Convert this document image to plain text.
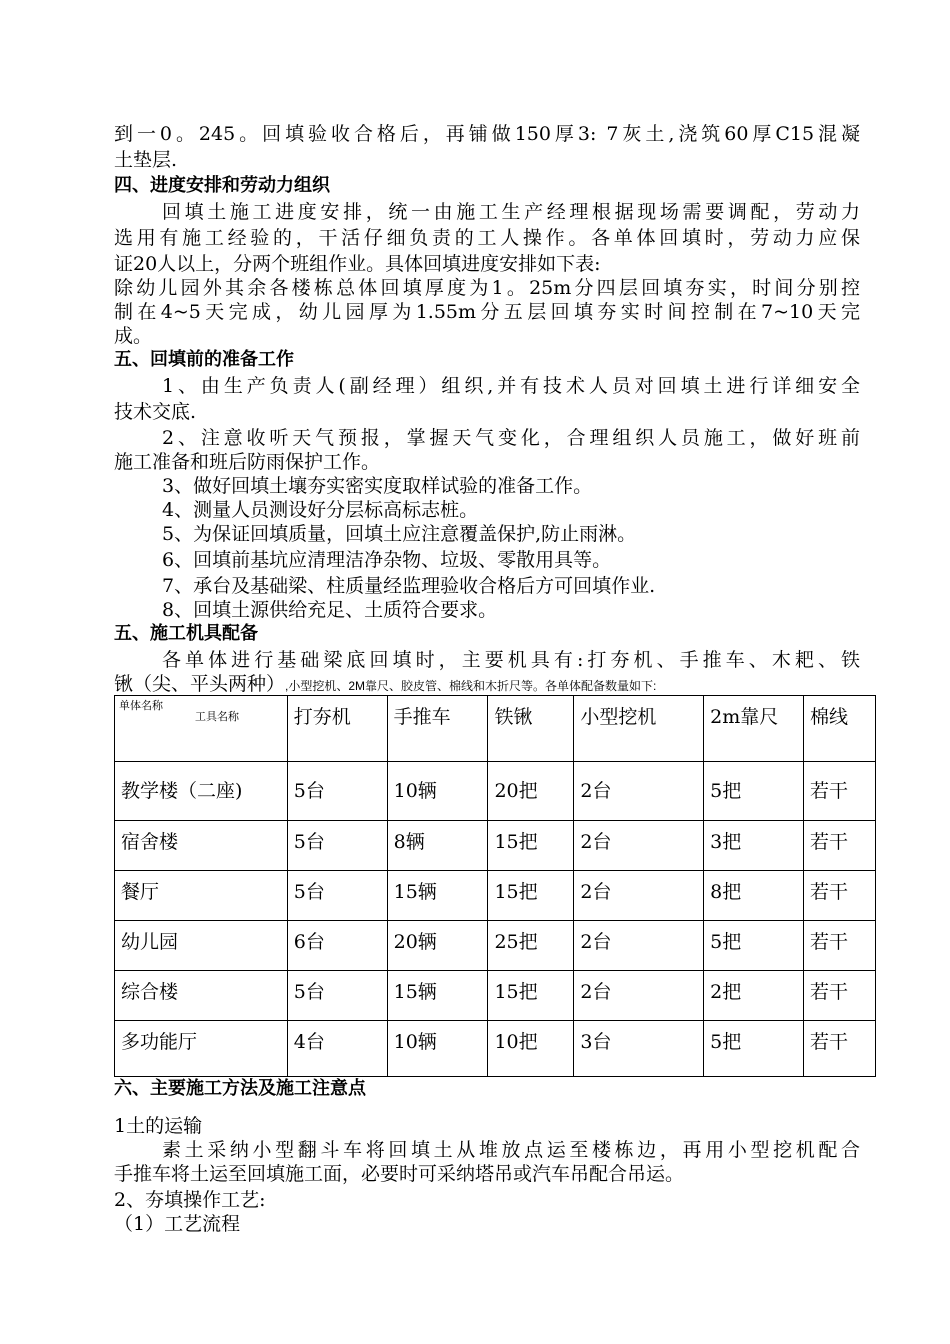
到一0。245。回填验收合格后，再铺做150厚3: 7灰土,浇筑60厚C15混凝
土垫层.
四、进度安排和劳动力组织
回填土施工进度安排，统一由施工生产经理根据现场需要调配，劳动力
选用有施工经验的，干活仔细负责的工人操作。各单体回填时，劳动力应保
证20人以上，分两个班组作业。具体回填进度安排如下表:
除幼儿园外其余各楼栋总体回填厚度为1。25m分四层回填夯实，时间分别控
制在4~5天完成，幼儿园厚为1.55m分五层回填夯实时间控制在7~10天完
成。
五、回填前的准备工作
1、由生产负责人(副经理）组织,并有技术人员对回填土进行详细安全
技术交底.
2、注意收听天气预报，掌握天气变化，合理组织人员施工，做好班前
施工准备和班后防雨保护工作。
3、做好回填土壤夯实密实度取样试验的准备工作。
4、测量人员测设好分层标高标志桩。
5、为保证回填质量，回填土应注意覆盖保护,防止雨淋。
6、回填前基坑应清理洁净杂物、垃圾、零散用具等。
7、承台及基础梁、柱质量经监理验收合格后方可回填作业.
8、回填土源供给充足、土质符合要求。
五、施工机具配备
各单体进行基础梁底回填时，主要机具有:打夯机、手推车、木耙、铁
锹（尖、平头两种）,小型挖机、2M靠尺、胶皮管、棉线和木折尺等。各单体配备数量如下:
单体名称
工具名称	打夯机	手推车	铁锹	小型挖机	2m靠尺	棉线
教学楼（二座)	5台	10辆	20把	2台	5把	若干
宿舍楼	5台	8辆	15把	2台	3把	若干
餐厅	5台	15辆	15把	2台	8把	若干
幼儿园	6台	20辆	25把	2台	5把	若干
综合楼	5台	15辆	15把	2台	2把	若干
多功能厅	4台	10辆	10把	3台	5把	若干
六、主要施工方法及施工注意点
1土的运输
素土采纳小型翻斗车将回填土从堆放点运至楼栋边，再用小型挖机配合
手推车将土运至回填施工面，必要时可采纳塔吊或汽车吊配合吊运。
2、夯填操作工艺:
（1）工艺流程
